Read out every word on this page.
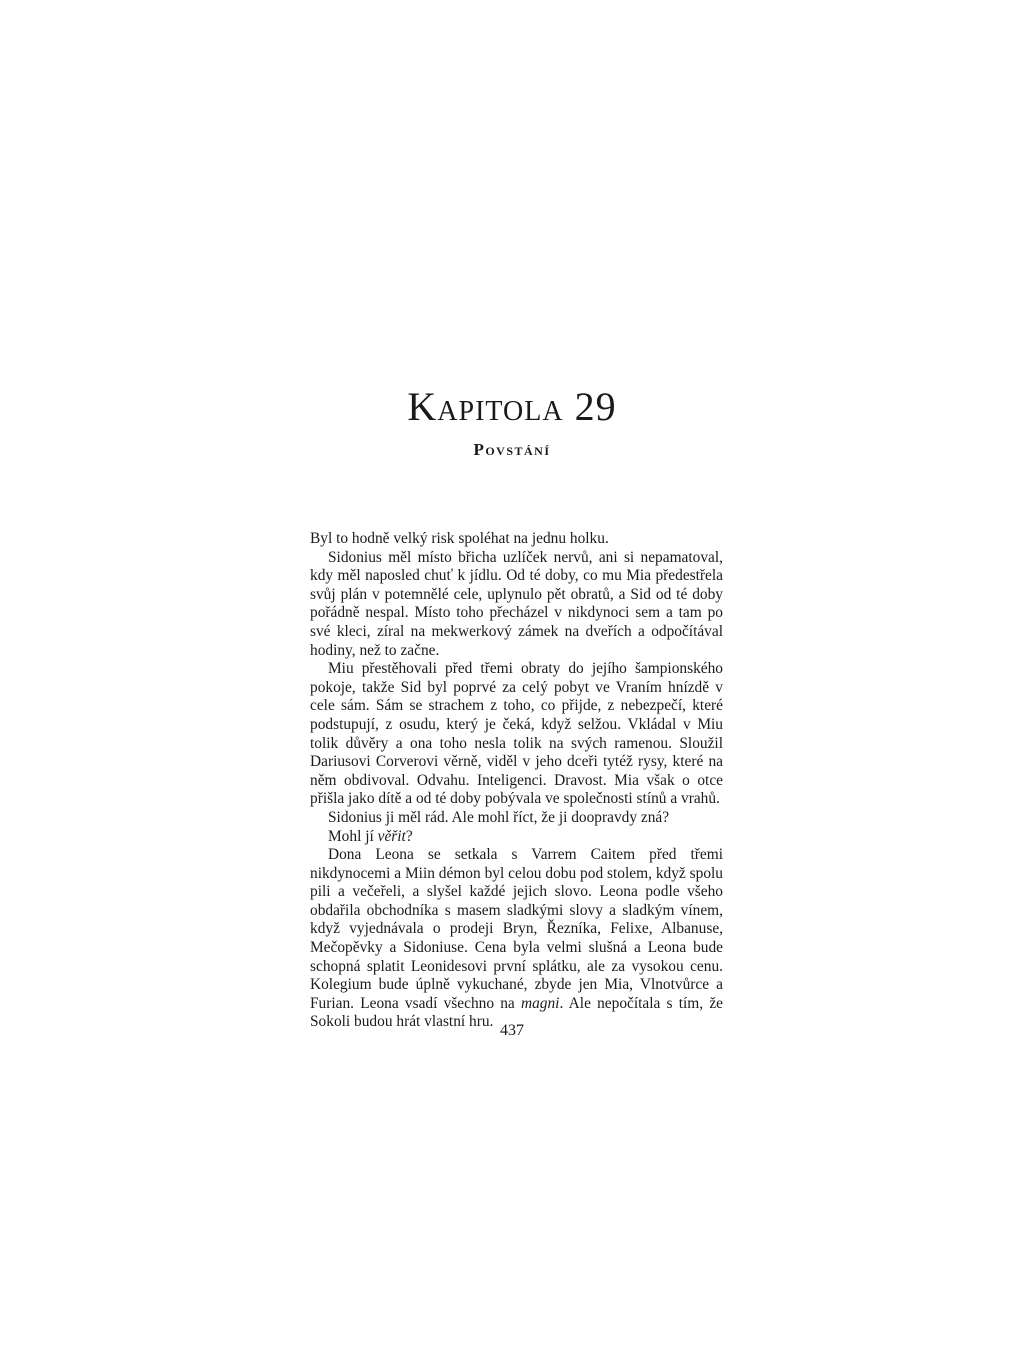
Kapitola 29
Povstání

Byl to hodně velký risk spoléhat na jednu holku.

Sidonius měl místo břicha uzlíček nervů, ani si nepamatoval, kdy měl naposled chuť k jídlu. Od té doby, co mu Mia předestřela svůj plán v potemnělé cele, uplynulo pět obratů, a Sid od té doby pořádně nespal. Místo toho přecházel v nikdynoci sem a tam po své kleci, zíral na mekwerkový zámek na dveřích a odpočítával hodiny, než to začne.

Miu přestěhovali před třemi obraty do jejího šampionského pokoje, takže Sid byl poprvé za celý pobyt ve Vraním hnízdě v cele sám. Sám se strachem z toho, co přijde, z nebezpečí, které podstupují, z osudu, který je čeká, když selžou. Vkládal v Miu tolik důvěry a ona toho nesla tolik na svých ramenou. Sloužil Dariusovi Corverovi věrně, viděl v jeho dceři tytéž rysy, které na něm obdivoval. Odvahu. Inteligenci. Dravost. Mia však o otce přišla jako dítě a od té doby pobývala ve společnosti stínů a vrahů.

Sidonius ji měl rád. Ale mohl říct, že ji doopravdy zná?

Mohl jí věřit?

Dona Leona se setkala s Varrem Caitem před třemi nikdynocemi a Miin démon byl celou dobu pod stolem, když spolu pili a večeřeli, a slyšel každé jejich slovo. Leona podle všeho obdařila obchodníka s masem sladkými slovy a sladkým vínem, když vyjednávala o prodeji Bryn, Řezníka, Felixe, Albanuse, Mečopěvky a Sidoniuse. Cena byla velmi slušná a Leona bude schopná splatit Leonidesovi první splátku, ale za vysokou cenu. Kolegium bude úplně vykuchané, zbyde jen Mia, Vlnotvůrce a Furian. Leona vsadí všechno na magni. Ale nepočítala s tím, že Sokoli budou hrát vlastní hru.

437
